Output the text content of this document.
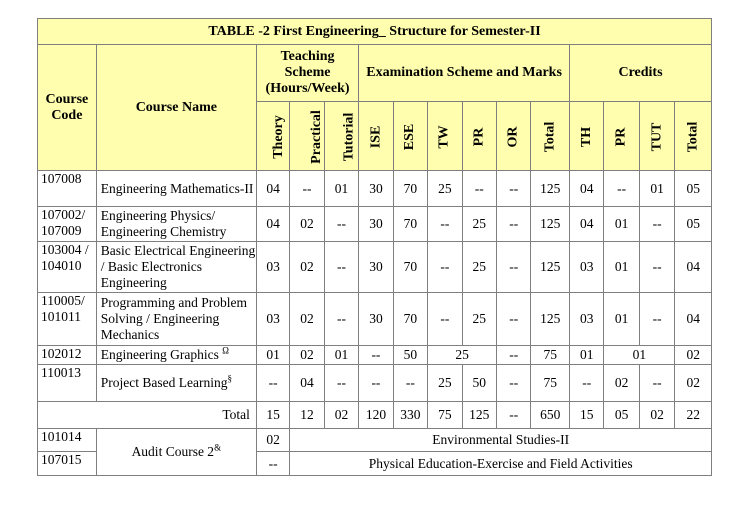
TABLE -2 First Engineering_ Structure for Semester-II														
Course Code	Course Name	Teaching Scheme (Hours/Week)			Examination Scheme and Marks						Credits			
		Theory	Practical	Tutorial	ISE	ESE	TW	PR	OR	Total	TH	PR	TUT	Total
107008	Engineering Mathematics-II	04	--	01	30	70	25	--	--	125	04	--	01	05
107002/ 107009	Engineering Physics/ Engineering Chemistry	04	02	--	30	70	--	25	--	125	04	01	--	05
103004 / 104010	Basic Electrical Engineering / Basic Electronics Engineering	03	02	--	30	70	--	25	--	125	03	01	--	04
110005/ 101011	Programming and Problem Solving / Engineering Mechanics	03	02	--	30	70	--	25	--	125	03	01	--	04
102012	Engineering Graphics $^\Omega$	01	02	01	--	50	25		--	75	01	01		02
110013	Project Based Learning§	--	04	--	--	--	25	50	--	75	--	02	--	02
Total		15	12	02	120	330	75	125	--	650	15	05	02	22
101014	Audit Course 2&	02	Environmental Studies-II											
107015		--	Physical Education-Exercise and Field Activities											
